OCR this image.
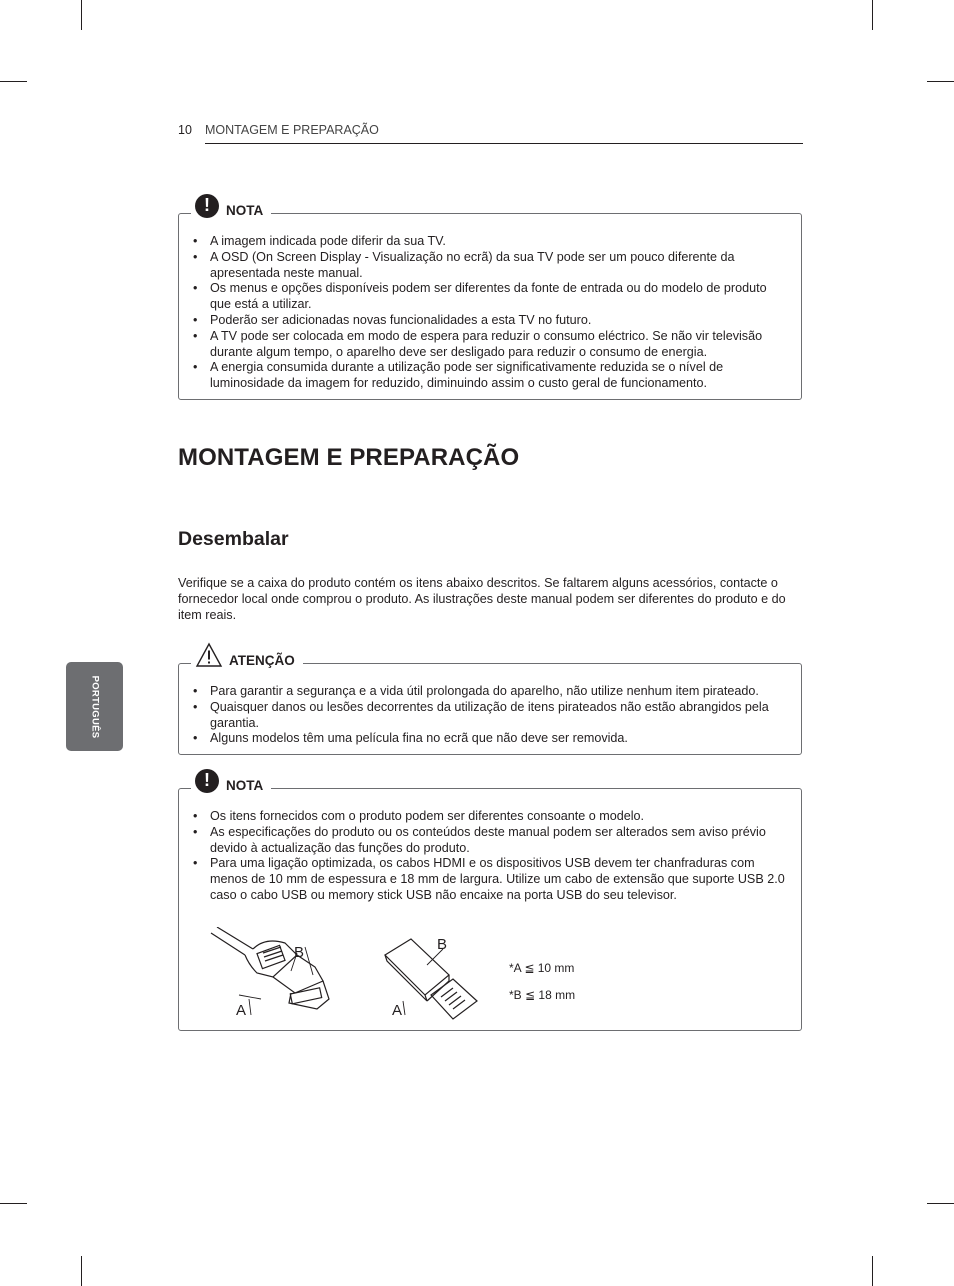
10 MONTAGEM E PREPARAÇÃO
PORTUGUÊS
!	NOTA
• A imagem indicada pode diferir da sua TV.
• A OSD (On Screen Display - Visualização no ecrã) da sua TV pode ser um pouco diferente da apresentada neste manual.
• Os menus e opções disponíveis podem ser diferentes da fonte de entrada ou do modelo de produto que está a utilizar.
• Poderão ser adicionadas novas funcionalidades a esta TV no futuro.
• A TV pode ser colocada em modo de espera para reduzir o consumo eléctrico. Se não vir televisão durante algum tempo, o aparelho deve ser desligado para reduzir o consumo de energia.
• A energia consumida durante a utilização pode ser significativamente reduzida se o nível de luminosidade da imagem for reduzido, diminuindo assim o custo geral de funcionamento.
MONTAGEM E PREPARAÇÃO
Desembalar

Verifique se a caixa do produto contém os itens abaixo descritos. Se faltarem alguns acessórios, contacte o fornecedor local onde comprou o produto. As ilustrações deste manual podem ser diferentes do produto e do item reais.

ATENÇÃO
• Para garantir a segurança e a vida útil prolongada do aparelho, não utilize nenhum item pirateado.
• Quaisquer danos ou lesões decorrentes da utilização de itens pirateados não estão abrangidos pela garantia.
• Alguns modelos têm uma película fina no ecrã que não deve ser removida.
!	NOTA
• Os itens fornecidos com o produto podem ser diferentes consoante o modelo.
• As especificações do produto ou os conteúdos deste manual podem ser alterados sem aviso prévio devido à actualização das funções do produto.
• Para uma ligação optimizada, os cabos HDMI e os dispositivos USB devem ter chanfraduras com menos de 10 mm de espessura e 18 mm de largura. Utilize um cabo de extensão que suporte USB 2.0 caso o cabo USB ou memory stick USB não encaixe na porta USB do seu televisor.
B
A
B
A
*A ≦ 10 mm
*B ≦ 18 mm
